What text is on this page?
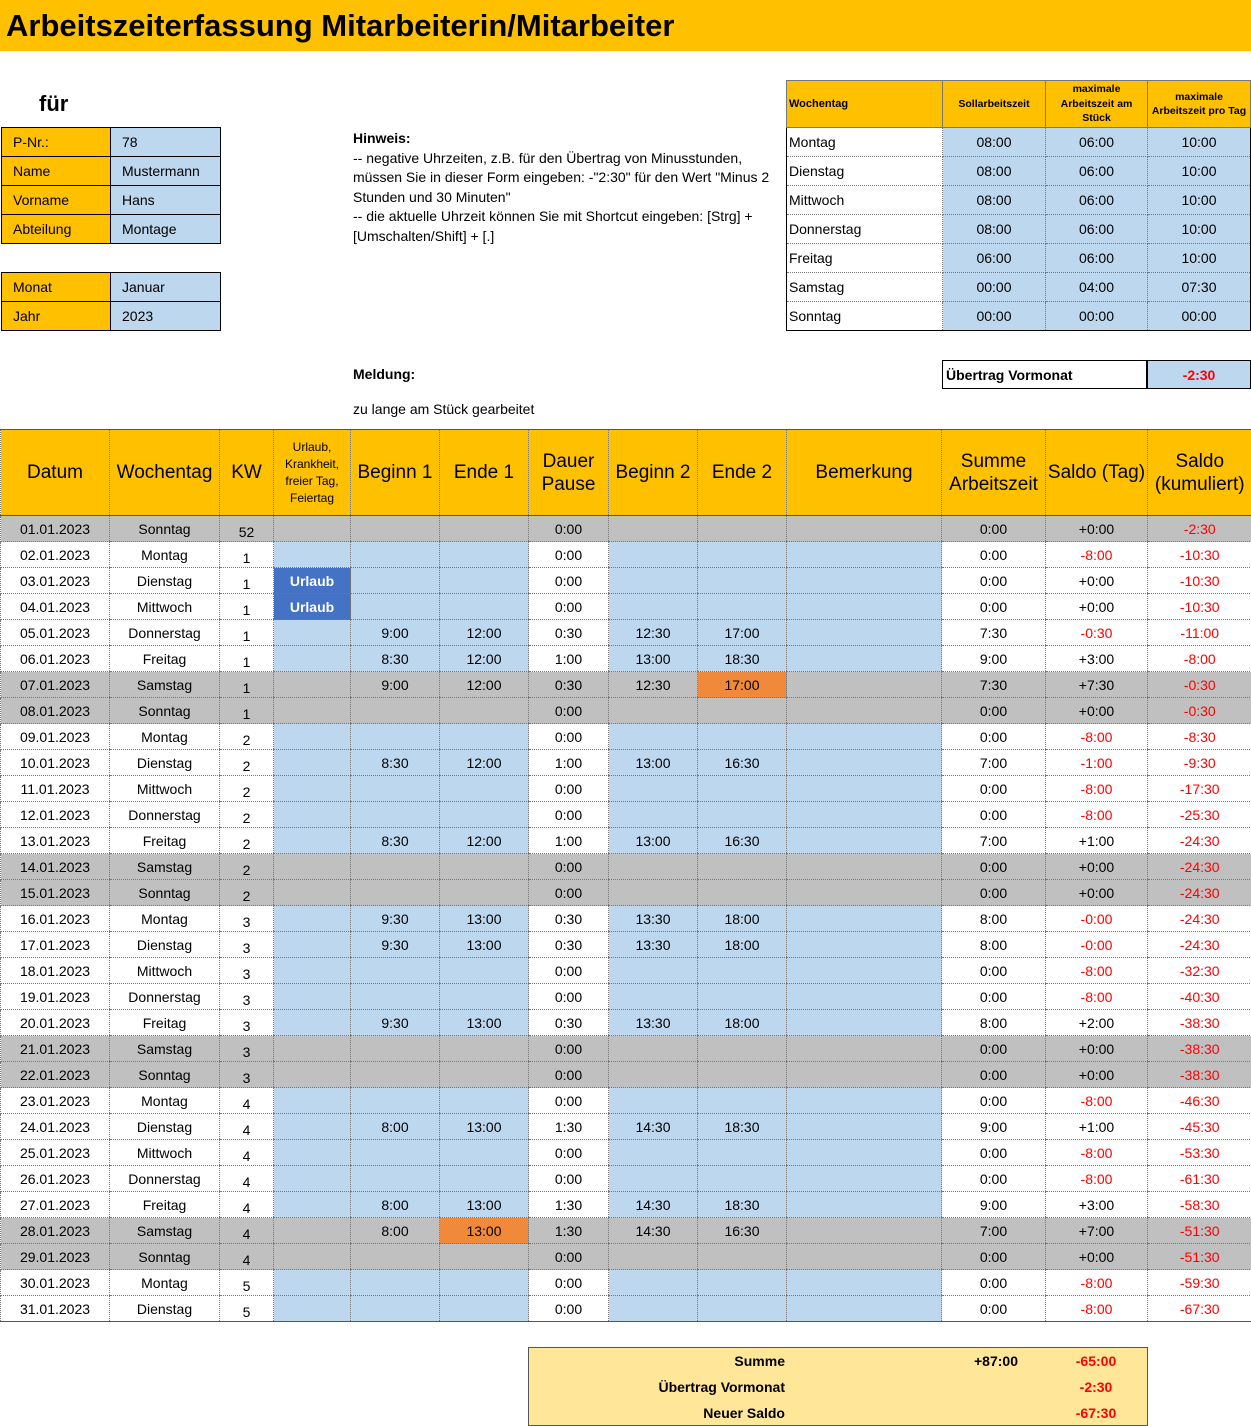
Arbeitszeiterfassung Mitarbeiterin/Mitarbeiter
für
P-Nr.:	78
Name	Mustermann
Vorname	Hans
Abteilung	Montage
Monat	Januar
Jahr	2023
Hinweis:
-- negative Uhrzeiten, z.B. für den Übertrag von Minusstunden, müssen Sie in dieser Form eingeben: -"2:30" für den Wert "Minus 2 Stunden und 30 Minuten"
-- die aktuelle Uhrzeit können Sie mit Shortcut eingeben: [Strg] + [Umschalten/Shift] + [.]
Meldung:
zu lange am Stück gearbeitet
Wochentag	Sollarbeitszeit	maximale Arbeitszeit am Stück	maximale Arbeitszeit pro Tag
Montag	08:00	06:00	10:00
Dienstag	08:00	06:00	10:00
Mittwoch	08:00	06:00	10:00
Donnerstag	08:00	06:00	10:00
Freitag	06:00	06:00	10:00
Samstag	00:00	04:00	07:30
Sonntag	00:00	00:00	00:00
Übertrag Vormonat	-2:30
Datum	Wochentag	KW	Urlaub, Krankheit, freier Tag, Feiertag	Beginn 1	Ende 1	Dauer Pause	Beginn 2	Ende 2	Bemerkung	Summe Arbeitszeit	Saldo (Tag)	Saldo (kumuliert)
01.01.2023	Sonntag	52				0:00				0:00	+0:00	-2:30
02.01.2023	Montag	1				0:00				0:00	-8:00	-10:30
03.01.2023	Dienstag	1	Urlaub			0:00				0:00	+0:00	-10:30
04.01.2023	Mittwoch	1	Urlaub			0:00				0:00	+0:00	-10:30
05.01.2023	Donnerstag	1		9:00	12:00	0:30	12:30	17:00		7:30	-0:30	-11:00
06.01.2023	Freitag	1		8:30	12:00	1:00	13:00	18:30		9:00	+3:00	-8:00
07.01.2023	Samstag	1		9:00	12:00	0:30	12:30	17:00		7:30	+7:30	-0:30
08.01.2023	Sonntag	1				0:00				0:00	+0:00	-0:30
09.01.2023	Montag	2				0:00				0:00	-8:00	-8:30
10.01.2023	Dienstag	2		8:30	12:00	1:00	13:00	16:30		7:00	-1:00	-9:30
11.01.2023	Mittwoch	2				0:00				0:00	-8:00	-17:30
12.01.2023	Donnerstag	2				0:00				0:00	-8:00	-25:30
13.01.2023	Freitag	2		8:30	12:00	1:00	13:00	16:30		7:00	+1:00	-24:30
14.01.2023	Samstag	2				0:00				0:00	+0:00	-24:30
15.01.2023	Sonntag	2				0:00				0:00	+0:00	-24:30
16.01.2023	Montag	3		9:30	13:00	0:30	13:30	18:00		8:00	-0:00	-24:30
17.01.2023	Dienstag	3		9:30	13:00	0:30	13:30	18:00		8:00	-0:00	-24:30
18.01.2023	Mittwoch	3				0:00				0:00	-8:00	-32:30
19.01.2023	Donnerstag	3				0:00				0:00	-8:00	-40:30
20.01.2023	Freitag	3		9:30	13:00	0:30	13:30	18:00		8:00	+2:00	-38:30
21.01.2023	Samstag	3				0:00				0:00	+0:00	-38:30
22.01.2023	Sonntag	3				0:00				0:00	+0:00	-38:30
23.01.2023	Montag	4				0:00				0:00	-8:00	-46:30
24.01.2023	Dienstag	4		8:00	13:00	1:30	14:30	18:30		9:00	+1:00	-45:30
25.01.2023	Mittwoch	4				0:00				0:00	-8:00	-53:30
26.01.2023	Donnerstag	4				0:00				0:00	-8:00	-61:30
27.01.2023	Freitag	4		8:00	13:00	1:30	14:30	18:30		9:00	+3:00	-58:30
28.01.2023	Samstag	4		8:00	13:00	1:30	14:30	16:30		7:00	+7:00	-51:30
29.01.2023	Sonntag	4				0:00				0:00	+0:00	-51:30
30.01.2023	Montag	5				0:00				0:00	-8:00	-59:30
31.01.2023	Dienstag	5				0:00				0:00	-8:00	-67:30
Summe	+87:00	-65:00
Übertrag Vormonat	-2:30
Neuer Saldo	-67:30
